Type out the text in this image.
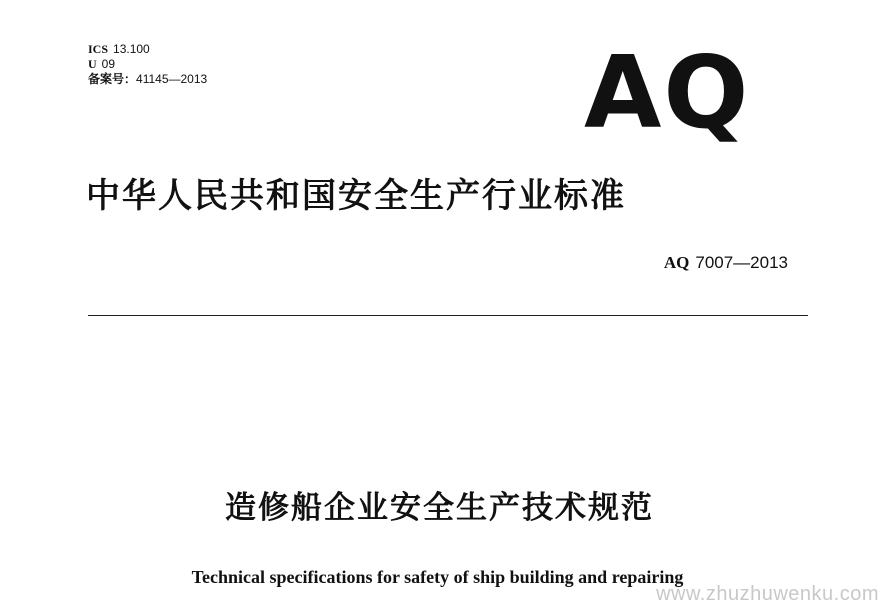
ICS 13.100
U 09
备案号：41145—2013	AQ
中华人民共和国安全生产行业标准
AQ 7007—2013
造修船企业安全生产技术规范
Technical specifications for safety of ship building and repairing
www.zhuzhuwenku.com
